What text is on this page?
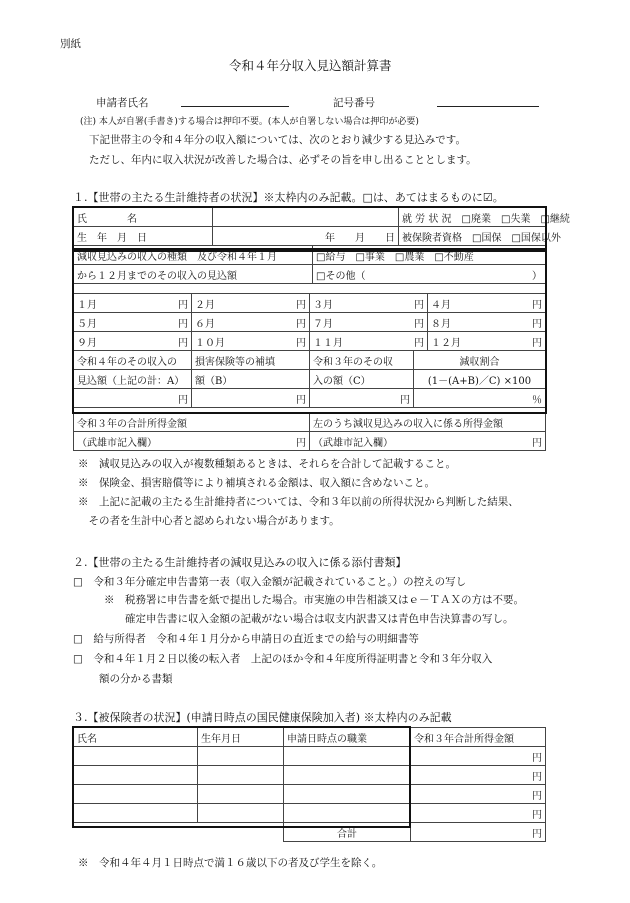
別紙
令和４年分収入見込額計算書
申請者氏名	記号番号
(注) 本人が自署(手書き)する場合は押印不要。(本人が自署しない場合は押印が必要)
下記世帯主の令和４年分の収入額については、次のとおり減少する見込みです。
ただし、年内に収入状況が改善した場合は、必ずその旨を申し出ることとします。
１.【世帯の主たる生計維持者の状況】※太枠内のみ記載。□は、あてはまるものに☑。
氏　　　　名			就 労 状 況　 □廃業　□失業　□継続
生　年　月　日	年　　月　　日		被保険者資格　 □国保　□国保以外
減収見込みの収入の種類　及び令和４年１月		□給与　□事業　□農業　□不動産	
から１２月までのその収入の見込額		□その他（ ）	
１月 円	２月 円	３月 円	４月 円

５月 円	６月 円	７月 円	８月 円

９月 円	１０月 円	１１月 円	１２月 円
令和４年のその収入の	損害保険等の補填	令和３年のその収	減収割合
見込額（上記の計：A）	額（B）	入の額（C）	(1－(A+B)／C) ×100
円	円	円	％
令和３年の合計所得金額	左のうち減収見込みの収入に係る所得金額

（武雄市記入欄） 円	（武雄市記入欄） 円
※　減収見込みの収入が複数種類あるときは、それらを合計して記載すること。
※　保険金、損害賠償等により補填される金額は、収入額に含めないこと。
※　上記に記載の主たる生計維持者については、令和３年以前の所得状況から判断した結果、
　その者を生計中心者と認められない場合があります。
２.【世帯の主たる生計維持者の減収見込みの収入に係る添付書類】
□　令和３年分確定申告書第一表（収入金額が記載されていること。）の控えの写し
※　税務署に申告書を紙で提出した場合。市実施の申告相談又はｅ－ＴＡＸの方は不要。
確定申告書に収入金額の記載がない場合は収支内訳書又は青色申告決算書の写し。
□　給与所得者　令和４年１月分から申請日の直近までの給与の明細書等
□　令和４年１月２日以後の転入者　上記のほか令和４年度所得証明書と令和３年分収入
額の分かる書類
３.【被保険者の状況】(申請日時点の国民健康保険加入者) ※太枠内のみ記載
氏名	生年月日	申請日時点の職業	令和３年合計所得金額
			円
			円
			円
			円
		合計	円
※　令和４年４月１日時点で満１６歳以下の者及び学生を除く。
